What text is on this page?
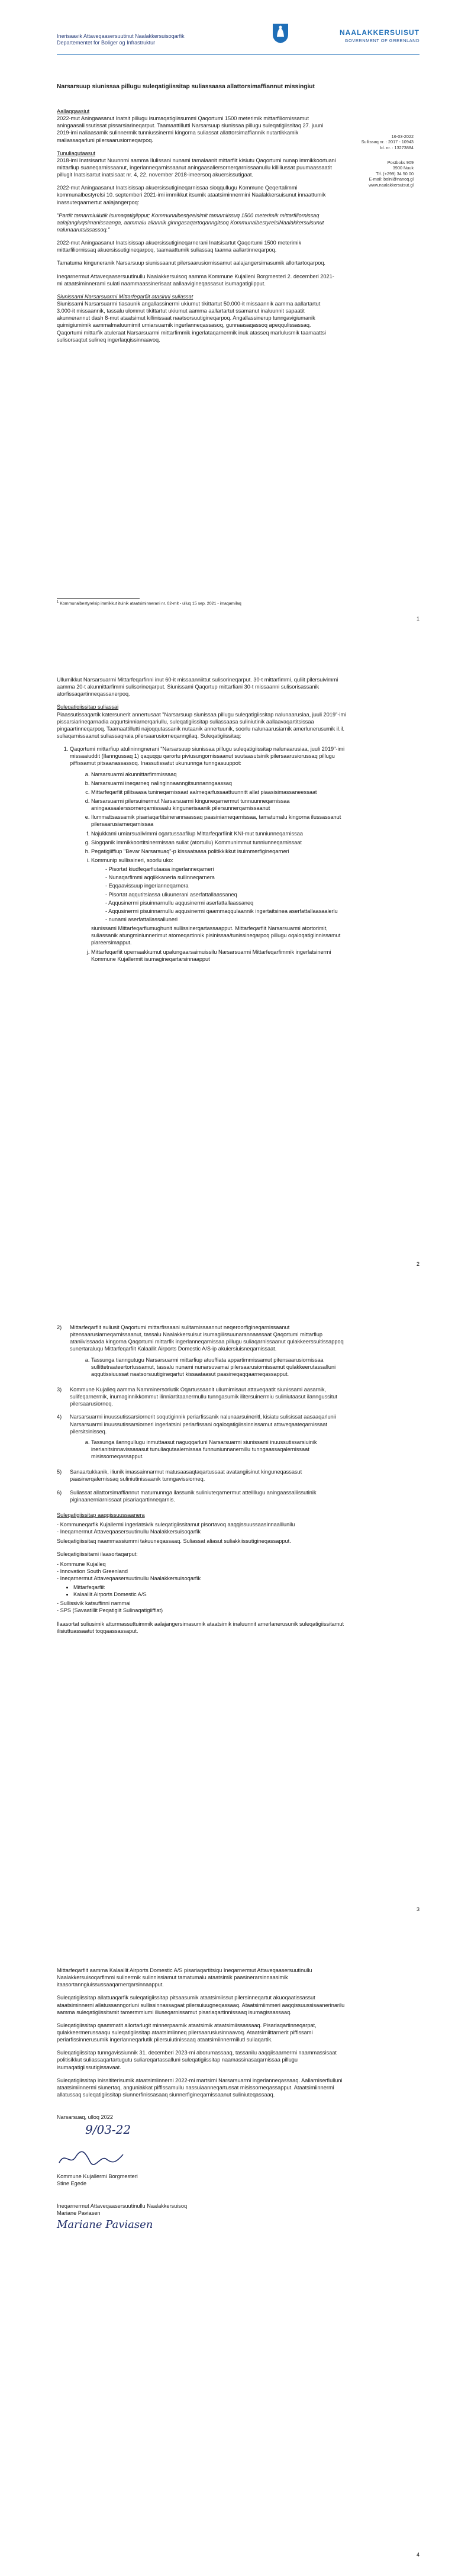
Inerisaavik Attaveqaasersuutinut Naalakkersuisoqarfik
Departementet for Boliger og Infrastruktur
NAALAKKERSUISUT
GOVERNMENT OF GREENLAND
Narsarsuup siunissaa pillugu suleqatigiissitap suliassaasa allattorsimaffiannut missingiut
16-03-2022
Sullissaq nr. : 2017 - 10943
Id. nr. : 13273884
Postboks 909
3900 Nuuk
Tlf. (+299) 34 50 00
E-mail: bolni@nanoq.gl
www.naalakkersuisut.gl

Aallaqqaasiut

2022-mut Aningaasanut Inatsit pillugu isumaqatigiissummi Qaqortumi 1500 meterimik mittarfiliornissamut aningaasaliissutissat pissarsiarineqarput. Taamaattillutti Narsarsuup siunissaa pillugu suleqatigiissitaq 27. juuni 2019-imi naliaasamik sulinnermik tunniussinermi kingorna suliassat allattorsimaffiannik nutartikkamik maliassaqarluni pilersaarusiorneqarpoq.

Tunuliaqutaasut

2018-imi Inatsisartut Nuunnmi aamma Ilulissani nunami tamalaanit mittarfiit kisiutu Qaqortumi nunap immikkoortuani mittarfiup suaneqarnissaanut, ingerlanneqarnissaanut aningaasaliersornerqarnissaanullu killiliussat puumaassaatit pillugit Inatsisartut inatsisaat nr. 4, 22. november 2018-imeersoq akuersissutigaat.

2022-mut Aningaasanut Inatsisissap akuersissutigineqarnissaa sioqqullugu Kommune Qeqertalimmi kommunalbestyrelsi 10. septemberi 2021-imi immikkut itsumik ataatsiminnermini Naalakkersuisunut innaattumik inassuteqaarnertut aalajangerpoq:

"Partiit tamarmiullutik isumaqatigiipput; Kommunalbestyrelsimit tamamiissuq 1500 meterimik mittarfiliornissaq aalajangiuqsimanissaanga, aammalu allannik ginngasaqartoqanngitsoq KommunalbestyrelsiNaalakkersuisunut nalunaarutsissassoq."

2022-mut Aningaasanut Inatsisissap akuersissutigineqarnerani Inatsisartut Qaqortumi 1500 meterimik mittarfiliornissaq akuersissutigineqarpoq, taamaattumik suliassaq taanna aallartinneqarpoq.

Tamatuma kinguneranik Narsarsuup siunissaanut pilersaarusiornissamut aalajangersimasumik allortartoqarpoq.

Ineqarnermut Attaveqaasersuutinullu Naalakkersuisoq aamma Kommune Kujalleni Borgmesteri 2. decemberi 2021-mi ataatsiminnerami sulati naammaassinerisaat aallaavigineqassasut isumagatigiipput.

Siunissami Narsarsuarmi Mittarfeqarfiit atasinni suliassat

Siunissami Narsarsuarmi tiasaunik angallassinermi ukiumut tikittartut 50.000-it missaannik aamma aallartartut 3.000-it missaannik, tassalu ulomnut tikittartut ukiumut aamma aallartartut ssamanut inaluunnit sapaatit akunnerannut dash 8-mut ataatsimut killinissaat naatsorsuutigineqarpoq. Angallassinerup tunngavigiumanik quimigiumimik aammalmatuumimit umiarsuarnik ingerlanneqassasoq, gunnaasaqassoq apeqqulissassaq. Qaqortumi mittarfik atuleraat Narsarsuarmi mittarfimmik ingerlataqarnermik inuk atasseq marlulusmik taamaattsi sulisorsaqtut sulineq ingerlaqqissinnaavoq.

$^1$ Kommunalbestyrelsip immikkut ituinik ataatsiminnerani nr. 02-mit - ulluq 15 sep. 2021 - imaqarnilaq
1

Ullumikkut Narsarsuarmi Mittarfeqarfinni inut 60-it missaanniittut sulisorineqarput. 30-t mittarfimmi, quliit pilersuivimmi aamma 20-t akunnittarfimmi sulisorineqarput. Siunissami Qaqortup mittarfiani 30-t missaanni sulisorisassanik atorfissaqartinneqassanerpoq.

Suleqatigiissitap suliassai

Piaassutissaqartik katersunerit annertusaat "Narsarsuup siunissaa pillugu suleqatigiissitap nalunaarusiaa, juuli 2019"-imi pissarsiarineqarnadia aqqurtsinniarnerqariullu, suleqatigiissitap suliassaasa suliniutinik aallaavaqartitsissaa pingaartinneqarpoq. Taamaattillutti najoqqutassanik nutaanik annertuunik, soorlu nalunaarusiarnik amerlunerusumik il.il. suliaqarnissaanut suliassaqnaia pilersaarusiorneqanngilaq. Suleqatigiissitaq:

1. Qaqortumi mittarfiup atulininngnerani "Narsarsuup siunissaa pillugu suleqatigiissitap nalunaarusiaa, juuli 2019"-imi missaaiuddit (Ilanngussaq 1) qaquqqu qarortu piviusungornissaanut suutaasutsinik pilersaarusiorussaq pillugu piffissamut pitsaanassassoq. Inassutissatut ukununnga tunngasuuppot:
a. Narsarsuarmi akunnittarfimmissaaq
b. Narsarsuarmi ineqarneq nalinginnaanngitsunnanngaassaq
c. Mittarfeqarfiit pilitsaasa tunineqarnissaat aalmeqarfussaattuunnitt allat piaasisimassaneessaat
d. Narsarsuarmi pilersuinermut Narsarsuarmi kinguneqarnermut tunnuunneqarnissaa aningaasaalerssornerqarnissaalu kingunerisaanik pilersunnerqarnissaanut
e. Ilummattsassamik pisariaqartitsinerannaassaq paasiniarneqarnissaa, tamatumalu kingorna ilussassanut pilersaarusiarneqarnissaa
f. Najukkami umiarsualivimmi ogartussaafilup Mittarfeqarfiinit KNI-mut tunniunneqarnissaa
g. Siogqanik immikkoortitsinermissan suliat (atortullu) Kommunimmut tunniunneqarnissaat
h. Pegatigiiffiup "Bevar Narsarsuaq"-p kissaataasa politikkikkut isuimmerfigineqarneri
i. Kommunip sullissineri, soorlu uko:
- Pisortat kiudfeqarfiutaasa ingerlanneqarneri
- Nunaqarfimmi aqqiikkaneria sullinneqarnera
- Eqqaavissuup ingerlanneqarnera
- Pisortat aqqutitsiassa uliuunerani aserfattallaassaneq
- Aqqusinermi pisuinnarnullu aqqusinermi aserfattallaassaneq
- Aqqusinermi pisuinnarnullu aqqusinermi qaammaqqulaannik ingertaitsinea aserfattallaasaalerlu
- nunami aserfattallassalluneri
siunissami Mittarfeqarfiumughunit sullissinerqartassaapput. Mittarfeqarfiit Narsarsuarmi atortorimit, suliassanik atungminiunnerimut atomeqartinnik pisinissaa/tunissineqarpoq pillugu oqaloqatigiinnissamut piareersimapput.
j. Mittarfeqarfiit upernaakkumut upalungaarsaimuissilu Narsarsuarmi Mittarfeqarfimmik ingerlatsinermi Kommune Kujallermit isumagineqartarsinnaapput
2
2)	Mittarfeqarfiit suliusit Qaqortumi mittarfissaani sulitarnissaannut neqeroorfigineqarnissaanut pitensaarusiarneqarnissaanut, tassalu Naalakkersuisut isumagiiissuunarannaassaat Qaqortumi mittarfiup ataniivissaada kingorna Qaqortumi mittarfik ingerlanneqarnissaa pillugu suliaqarnissaanut qulakkeerssuitissappoq sunertaraluqu Mittarfeqarfiit Kalaallit Airports Domestic A/S-ip akuiersiuisneqarnissaat.
a. Tassunga tianngutugu Narsarsuarmi mittarfiup atuuffiata appartimmissamut pitensaarusiornissaa sullittetraateertortussamut, tassalu nunami nunarsuvamai pilersaarusiornissamut qulakkeerutassalluni aqqutissiuussat naatsorsuutigineqartut kissaataasut paasineqaqqaarneqassapput.
3)	Kommune Kujalleq aamma Namminersorlutik Oqartussaanit ullumimisaut attaveqaatit siunissami aasarnik, sulifeqarnermik, inumaginnikkommut ilinniartitaanermullu tunngasumik ilitersuinermiu suliniutaasut ilanngussitut pilersaarusiorneq.
4)	Narsarsuarmi inuussutissarsiornerit soqutiginnik periarfissanik nalunaarsuineritl, kisiatu sulisissat aasaaqarlunii Narsarsuarmi inuussutissarsiorneri ingerlatsini periarfissani oqaloqatigiissinnissamut attaveqaateqarnissaat pilersitsinisseq.
a. Tassunga ilanngullugu inmuttaasut naguqqarluni Narsarsuarmi siunissami inuussutissarsiuinik inerianitsinnavissasasut tunuliaqutaalernissaa funnuniunnanernillu tunngaassaqalernissaat misissorneqassapput.
5)	Sanaartukkanik, iliunik imassainnarmut matusaasaqtaqartussaat avatangiisinut kinguneqassasut paasinerqalernissaq suliniutinissaanik tunngavissiorneq.
6)	Suliassat allattorsimaffiannut matumunnga ilassunik suliniuteqarnermut attellllugu aningaassaliissutinik piginaanerniarnissaat pisariaqartinneqarnis.

Suleqatigiissitap aaqqissuussaanera

- Kommuneqarfik Kujallermi ingerlatsivik suleqatigiissitamut pisortavoq aaqqissuussaasinnaalllunilu
- Ineqarnermut Attaveqaasersuutinullu Naalakkersuisoqarfik

Suleqatigiissitaq naammassiummi takuuneqassaaq. Suliassat aliasut suliakkiissutigineqassapput.

Suleqatigiissitami ilaasortaqarput:

- Kommune Kujalleq
- Innovation South Greenland
- Ineqarnermut Attaveqaasersuutinullu Naalakkersuisoqarfik
• Mittarfeqarfiit
• Kalaallit Airports Domestic A/S
- Sullissivik katsuffinni nammai
- SPS (Savaatillit Peqatigiit Sulinaqatigiiffiat)

Ilaasortat suliusimik atturmassuttuimmik aalajangersimasumik ataatsimik inaluunnit amerlanerusunik suleqatigiissitamut ilisiuttuassaatut toqqaassassaput.

3

Mittarfeqarfiit aamma Kalaallit Airports Domestic A/S pisariaqartitsiqu Ineqarnermut Attaveqaasersuutinullu Naalakkersuisoqarfimmi sulinermik sulinnissiamut tamatumalu ataatsimik paasinerarsinnaasimik itaasortanngiuissussaaqarnerqarsinnaapput.

Suleqatigiissitap allattuaqarfik suleqatigiissitap pitsaasumik ataatsimiissut pilersinneqartut akuoqaatissassut ataatsiminnerni allatussanngorluni sullissinnassagaat pilersuiuugneqassaaq. Ataatsimiimmeri aaqqissuussisaanerinarilu aamma suleqatigiissitamit tamermmiumi iliuseqarnissamut pisariaqartinnissaaq isumagissassaaq.

Suleqatigiissitap qaammatit allortarlugit minnerpaamik ataatsimik ataatsimiissassaaq. Pisariaqartinneqarpat, qulakkeermerussaaqu suleqatigiissitap ataatsimiinneq pilersaarusiusinnaavoq. Ataatsimiittarnerit piffissami periarfissinnerusumik ingerlanneqarlutik pilersuiutinissaaq ataatsimiinnermiilutl suliaqartik.

Suleqatigiissitap tunngavissiunnik 31. decemberi 2023-mi aborumassaaq, tassanilu aaqqiisaarnermi naammassisaat politisikkut suliassaqartartugutu suliareqartassalluni suleqatigiissitap naamassinasaqarnissaa pillugu isumaqatigiissutigissavaat.

Suleqatigiissitap inissititerisumik ataatsimiinnerni 2022-mi martsimi Narsarsuarmi ingerlanneqassaaq. Aallarniserfiulluni ataatsimiinnermi siunertaq, anguniakkat piffissamullu nassuiaanneqartussat misissorneqassapput. Ataatsimiinnermi allatussaq suleqatigiissitap siunnerfinissasaaq siunnerfigineqarnissaanut suliniuteqassaaq.

Narsarsuaq, ulloq 2022

9/03-22
Kommune Kujallermi Borgmesteri
Stine Egede
Ineqarnermut Attaveqaasersuutinullu Naalakkersuisoq
Mariane Paviasen
Mariane Paviasen
4
